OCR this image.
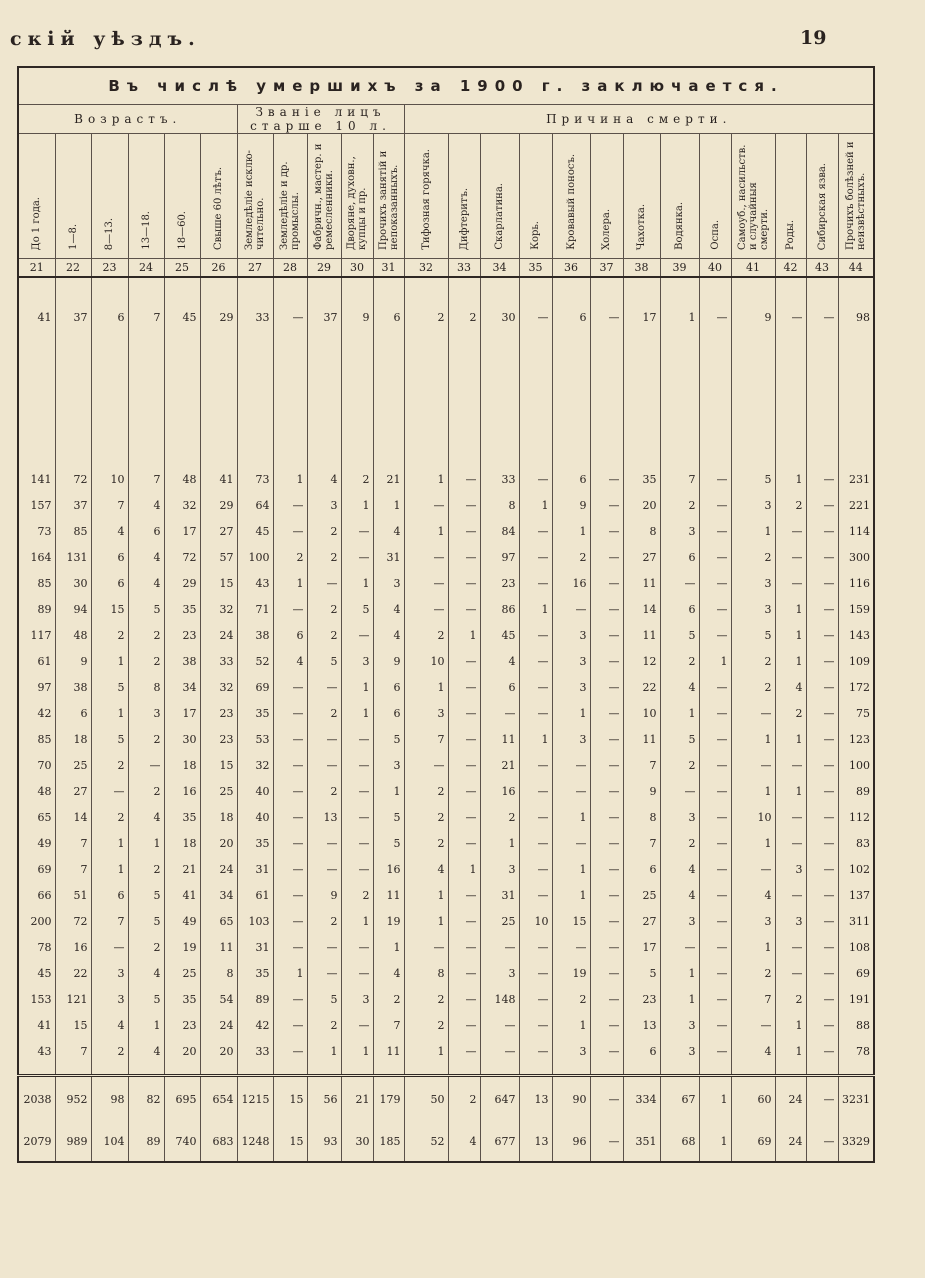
скій уѣздъ.	19
Въ числѣ умершихъ за 1900 г. заключается.																							
Возрастъ.						Званіе лицъ старше 10 л.					Причина смерти.												
До 1 года.	1—8.	8—13.	13—18.	18—60.	Свыше 60 лѣтъ.	Земледѣліе исклю-чительно.	Земледѣліе и др. промыслы.	Фабричн., мастер. и ремесленники.	Дворяне, духовн., купцы и пр.	Прочихъ занятій и непоказанныхъ.	Тифозная горячка.	Дифтеритъ.	Скарлатина.	Корь.	Кровавый поносъ.	Холера.	Чахотка.	Водянка.	Оспа.	Самоуб., насильств. и случайныя смерти.	Роды.	Сибирская язва.	Прочихъ болѣзней и неизвѣстныхъ.
21	22	23	24	25	26	27	28	29	30	31	32	33	34	35	36	37	38	39	40	41	42	43	44
41	37	6	7	45	29	33	—	37	9	6	2	2	30	—	6	—	17	1	—	9	—	—	98

141	72	10	7	48	41	73	1	4	2	21	1	—	33	—	6	—	35	7	—	5	1	—	231
157	37	7	4	32	29	64	—	3	1	1	—	—	8	1	9	—	20	2	—	3	2	—	221
73	85	4	6	17	27	45	—	2	—	4	1	—	84	—	1	—	8	3	—	1	—	—	114
164	131	6	4	72	57	100	2	2	—	31	—	—	97	—	2	—	27	6	—	2	—	—	300
85	30	6	4	29	15	43	1	—	1	3	—	—	23	—	16	—	11	—	—	3	—	—	116
89	94	15	5	35	32	71	—	2	5	4	—	—	86	1	—	—	14	6	—	3	1	—	159
117	48	2	2	23	24	38	6	2	—	4	2	1	45	—	3	—	11	5	—	5	1	—	143
61	9	1	2	38	33	52	4	5	3	9	10	—	4	—	3	—	12	2	1	2	1	—	109
97	38	5	8	34	32	69	—	—	1	6	1	—	6	—	3	—	22	4	—	2	4	—	172
42	6	1	3	17	23	35	—	2	1	6	3	—	—	—	1	—	10	1	—	—	2	—	75
85	18	5	2	30	23	53	—	—	—	5	7	—	11	1	3	—	11	5	—	1	1	—	123
70	25	2	—	18	15	32	—	—	—	3	—	—	21	—	—	—	7	2	—	—	—	—	100
48	27	—	2	16	25	40	—	2	—	1	2	—	16	—	—	—	9	—	—	1	1	—	89
65	14	2	4	35	18	40	—	13	—	5	2	—	2	—	1	—	8	3	—	10	—	—	112
49	7	1	1	18	20	35	—	—	—	5	2	—	1	—	—	—	7	2	—	1	—	—	83
69	7	1	2	21	24	31	—	—	—	16	4	1	3	—	1	—	6	4	—	—	3	—	102
66	51	6	5	41	34	61	—	9	2	11	1	—	31	—	1	—	25	4	—	4	—	—	137
200	72	7	5	49	65	103	—	2	1	19	1	—	25	10	15	—	27	3	—	3	3	—	311
78	16	—	2	19	11	31	—	—	—	1	—	—	—	—	—	—	17	—	—	1	—	—	108
45	22	3	4	25	8	35	1	—	—	4	8	—	3	—	19	—	5	1	—	2	—	—	69
153	121	3	5	35	54	89	—	5	3	2	2	—	148	—	2	—	23	1	—	7	2	—	191
41	15	4	1	23	24	42	—	2	—	7	2	—	—	—	1	—	13	3	—	—	1	—	88
43	7	2	4	20	20	33	—	1	1	11	1	—	—	—	3	—	6	3	—	4	1	—	78

2038	952	98	82	695	654	1215	15	56	21	179	50	2	647	13	90	—	334	67	1	60	24	—	3231
2079	989	104	89	740	683	1248	15	93	30	185	52	4	677	13	96	—	351	68	1	69	24	—	3329
